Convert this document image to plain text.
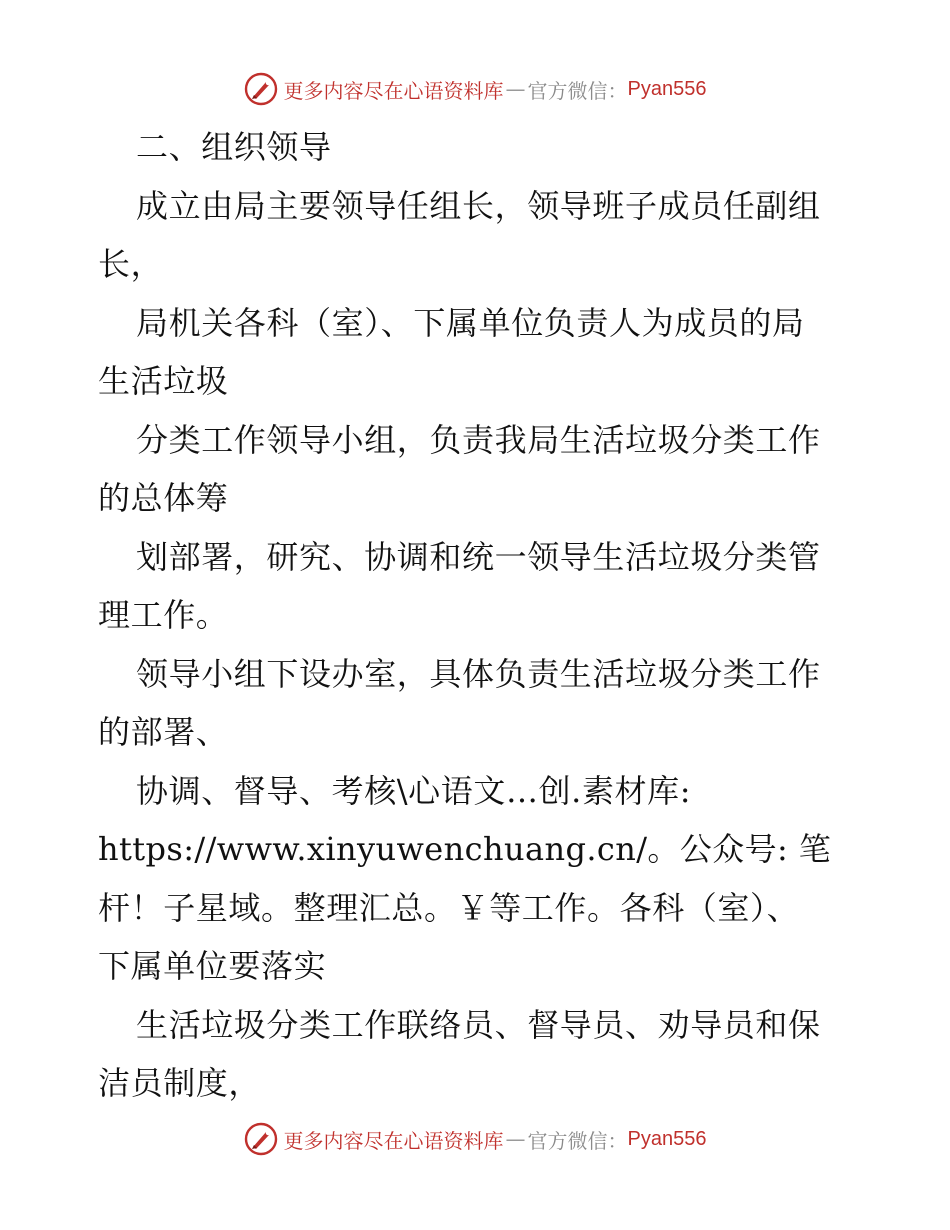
更多内容尽在心语资料库 — 官方微信： Pyan556

二、组织领导

成立由局主要领导任组长，领导班子成员任副组

长，

局机关各科（室）、下属单位负责人为成员的局

生活垃圾

分类工作领导小组，负责我局生活垃圾分类工作

的总体筹

划部署，研究、协调和统一领导生活垃圾分类管

理工作。

领导小组下设办室，具体负责生活垃圾分类工作

的部署、

协调、督导、考核\心语文…创.素材库:

https://www.xinyuwenchuang.cn/。公众号: 笔

杆！子星域。整理汇总。￥等工作。各科（室）、

下属单位要落实

生活垃圾分类工作联络员、督导员、劝导员和保

洁员制度，

更多内容尽在心语资料库 — 官方微信： Pyan556
